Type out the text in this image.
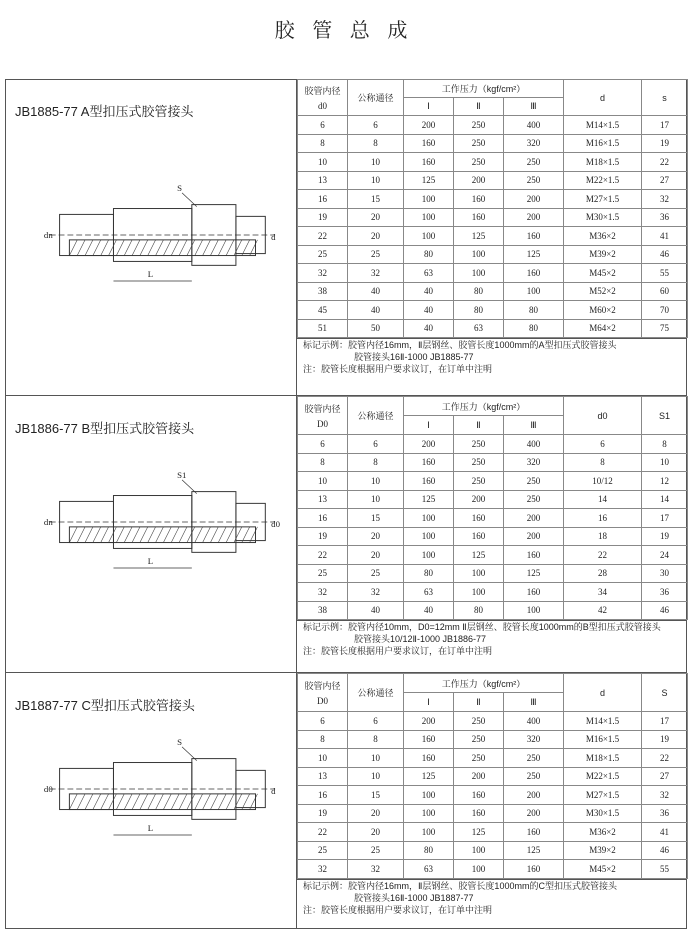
胶 管 总 成
JB1885-77 A型扣压式胶管接头
S
dn	d
L
胶管内径
d0	公称通径	工作压力（kgf/cm²）			d	s
		Ⅰ	Ⅱ	Ⅲ		
6	6	200	250	400	M14×1.5	17
8	8	160	250	320	M16×1.5	19
10	10	160	250	250	M18×1.5	22
13	10	125	200	250	M22×1.5	27
16	15	100	160	200	M27×1.5	32
19	20	100	160	200	M30×1.5	36
22	20	100	125	160	M36×2	41
25	25	80	100	125	M39×2	46
32	32	63	100	160	M45×2	55
38	40	40	80	100	M52×2	60
45	40	40	80	80	M60×2	70
51	50	40	63	80	M64×2	75
标记示例：胶管内径16mm，Ⅱ层钢丝、胶管长度1000mm的A型扣压式胶管接头
胶管接头16Ⅱ-1000 JB1885-77
注：胶管长度根据用户要求议订，在订单中注明
JB1886-77 B型扣压式胶管接头
S1
dn	d0
L
胶管内径
D0	公称通径	工作压力（kgf/cm²）			d0	S1
		Ⅰ	Ⅱ	Ⅲ		
6	6	200	250	400	6	8
8	8	160	250	320	8	10
10	10	160	250	250	10/12	12
13	10	125	200	250	14	14
16	15	100	160	200	16	17
19	20	100	160	200	18	19
22	20	100	125	160	22	24
25	25	80	100	125	28	30
32	32	63	100	160	34	36
38	40	40	80	100	42	46
标记示例：胶管内径10mm，D0=12mm Ⅱ层钢丝、胶管长度1000mm的B型扣压式胶管接头
胶管接头10/12Ⅱ-1000 JB1886-77
注：胶管长度根据用户要求议订，在订单中注明
JB1887-77 C型扣压式胶管接头
S
d0	d
L
胶管内径
D0	公称通径	工作压力（kgf/cm²）			d	S
		Ⅰ	Ⅱ	Ⅲ		
6	6	200	250	400	M14×1.5	17
8	8	160	250	320	M16×1.5	19
10	10	160	250	250	M18×1.5	22
13	10	125	200	250	M22×1.5	27
16	15	100	160	200	M27×1.5	32
19	20	100	160	200	M30×1.5	36
22	20	100	125	160	M36×2	41
25	25	80	100	125	M39×2	46
32	32	63	100	160	M45×2	55
标记示例：胶管内径16mm，Ⅱ层钢丝、胶管长度1000mm的C型扣压式胶管接头
胶管接头16Ⅱ-1000 JB1887-77
注：胶管长度根据用户要求议订，在订单中注明
